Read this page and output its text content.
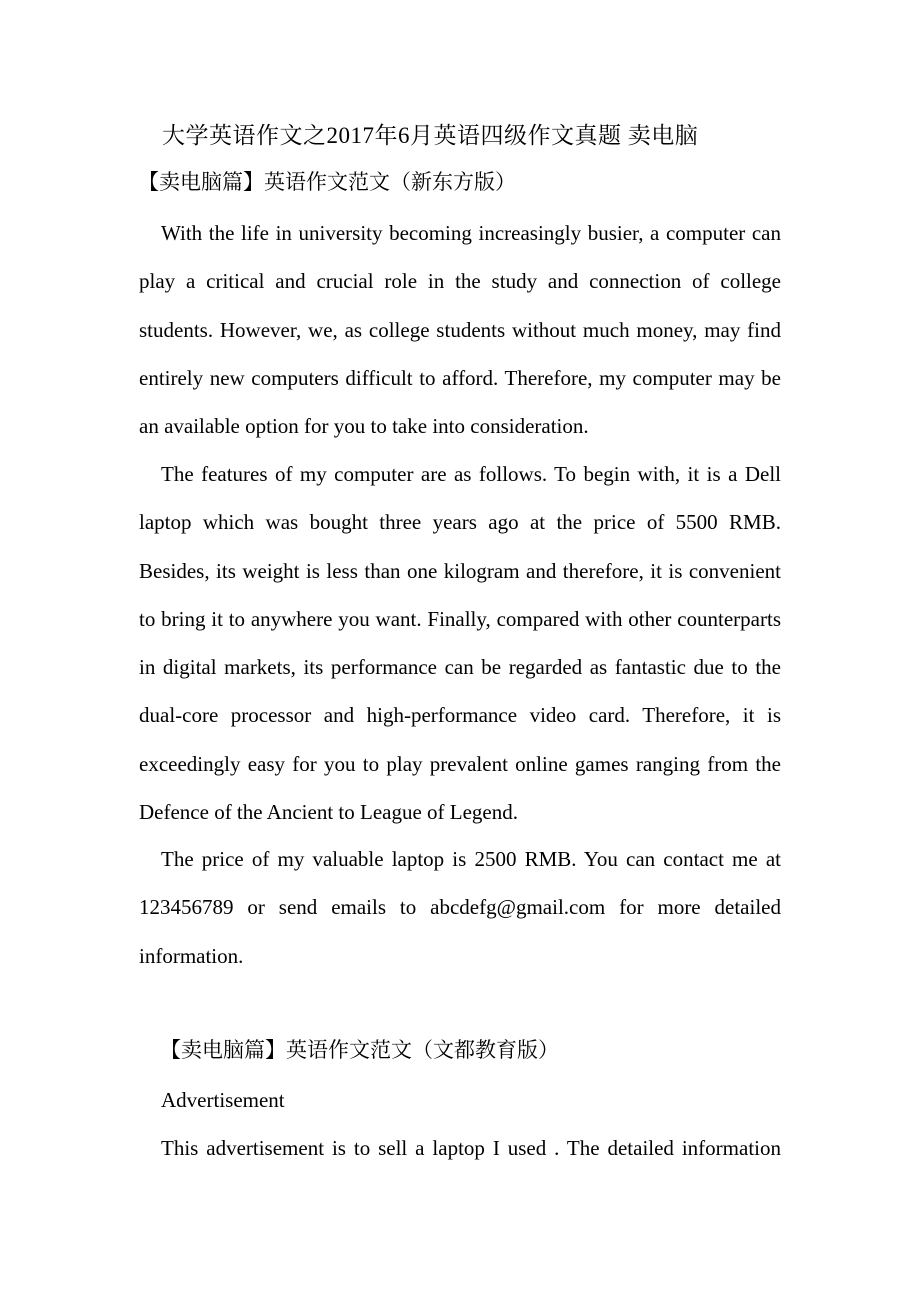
大学英语作文之2017年6月英语四级作文真题 卖电脑
【卖电脑篇】英语作文范文（新东方版）

With the life in university becoming increasingly busier, a computer can play a critical and crucial role in the study and connection of college students. However, we, as college students without much money, may find entirely new computers difficult to afford. Therefore, my computer may be an available option for you to take into consideration.

The features of my computer are as follows. To begin with, it is a Dell laptop which was bought three years ago at the price of 5500 RMB. Besides, its weight is less than one kilogram and therefore, it is convenient to bring it to anywhere you want. Finally, compared with other counterparts in digital markets, its performance can be regarded as fantastic due to the dual-core processor and high-performance video card. Therefore, it is exceedingly easy for you to play prevalent online games ranging from the Defence of the Ancient to League of Legend.

The price of my valuable laptop is 2500 RMB. You can contact me at 123456789 or send emails to abcdefg@gmail.com for more detailed information.

【卖电脑篇】英语作文范文（文都教育版）
Advertisement
This advertisement is to sell a laptop I used . The detailed information
